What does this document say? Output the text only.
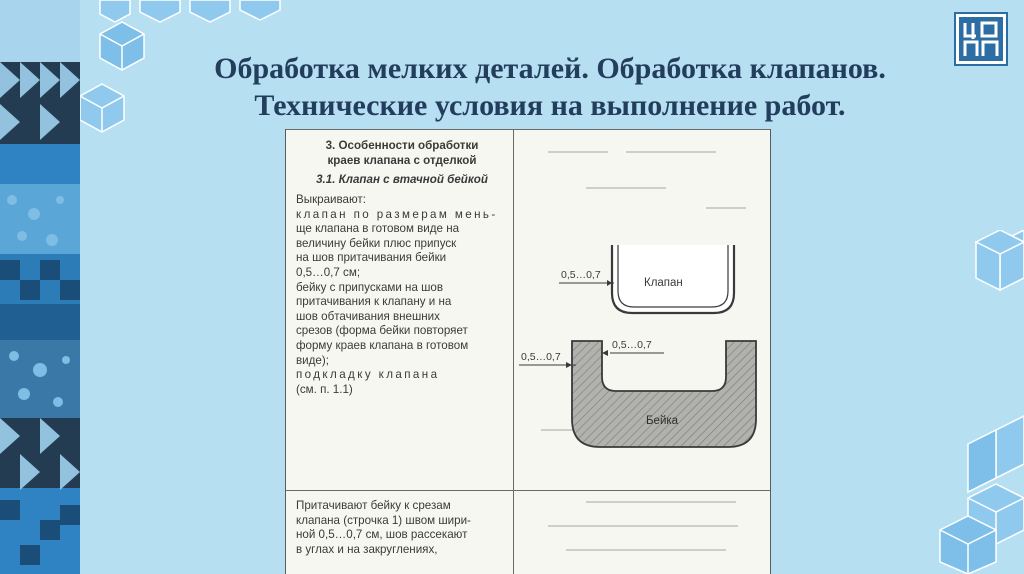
Обработка мелких деталей. Обработка клапанов.
Технические условия на выполнение работ.
3. Особенности обработки
краев клапана с отделкой
3.1. Клапан с втачной бейкой
Выкраивают:
клапан по размерам мень-
ще клапана в готовом виде на
величину бейки плюс припуск
на шов притачивания бейки
0,5…0,7 см;
бейку с припусками на шов
притачивания к клапану и на
шов обтачивания внешних
срезов (форма бейки повторяет
форму краев клапана в готовом
виде);
подкладку клапана
(см. п. 1.1)
Притачивают бейку к срезам
клапана (строчка 1) швом шири-
ной 0,5…0,7 см, шов рассекают
в углах и на закруглениях,
Клапан
0,5…0,7
Бейка
0,5…0,7
0,5…0,7
